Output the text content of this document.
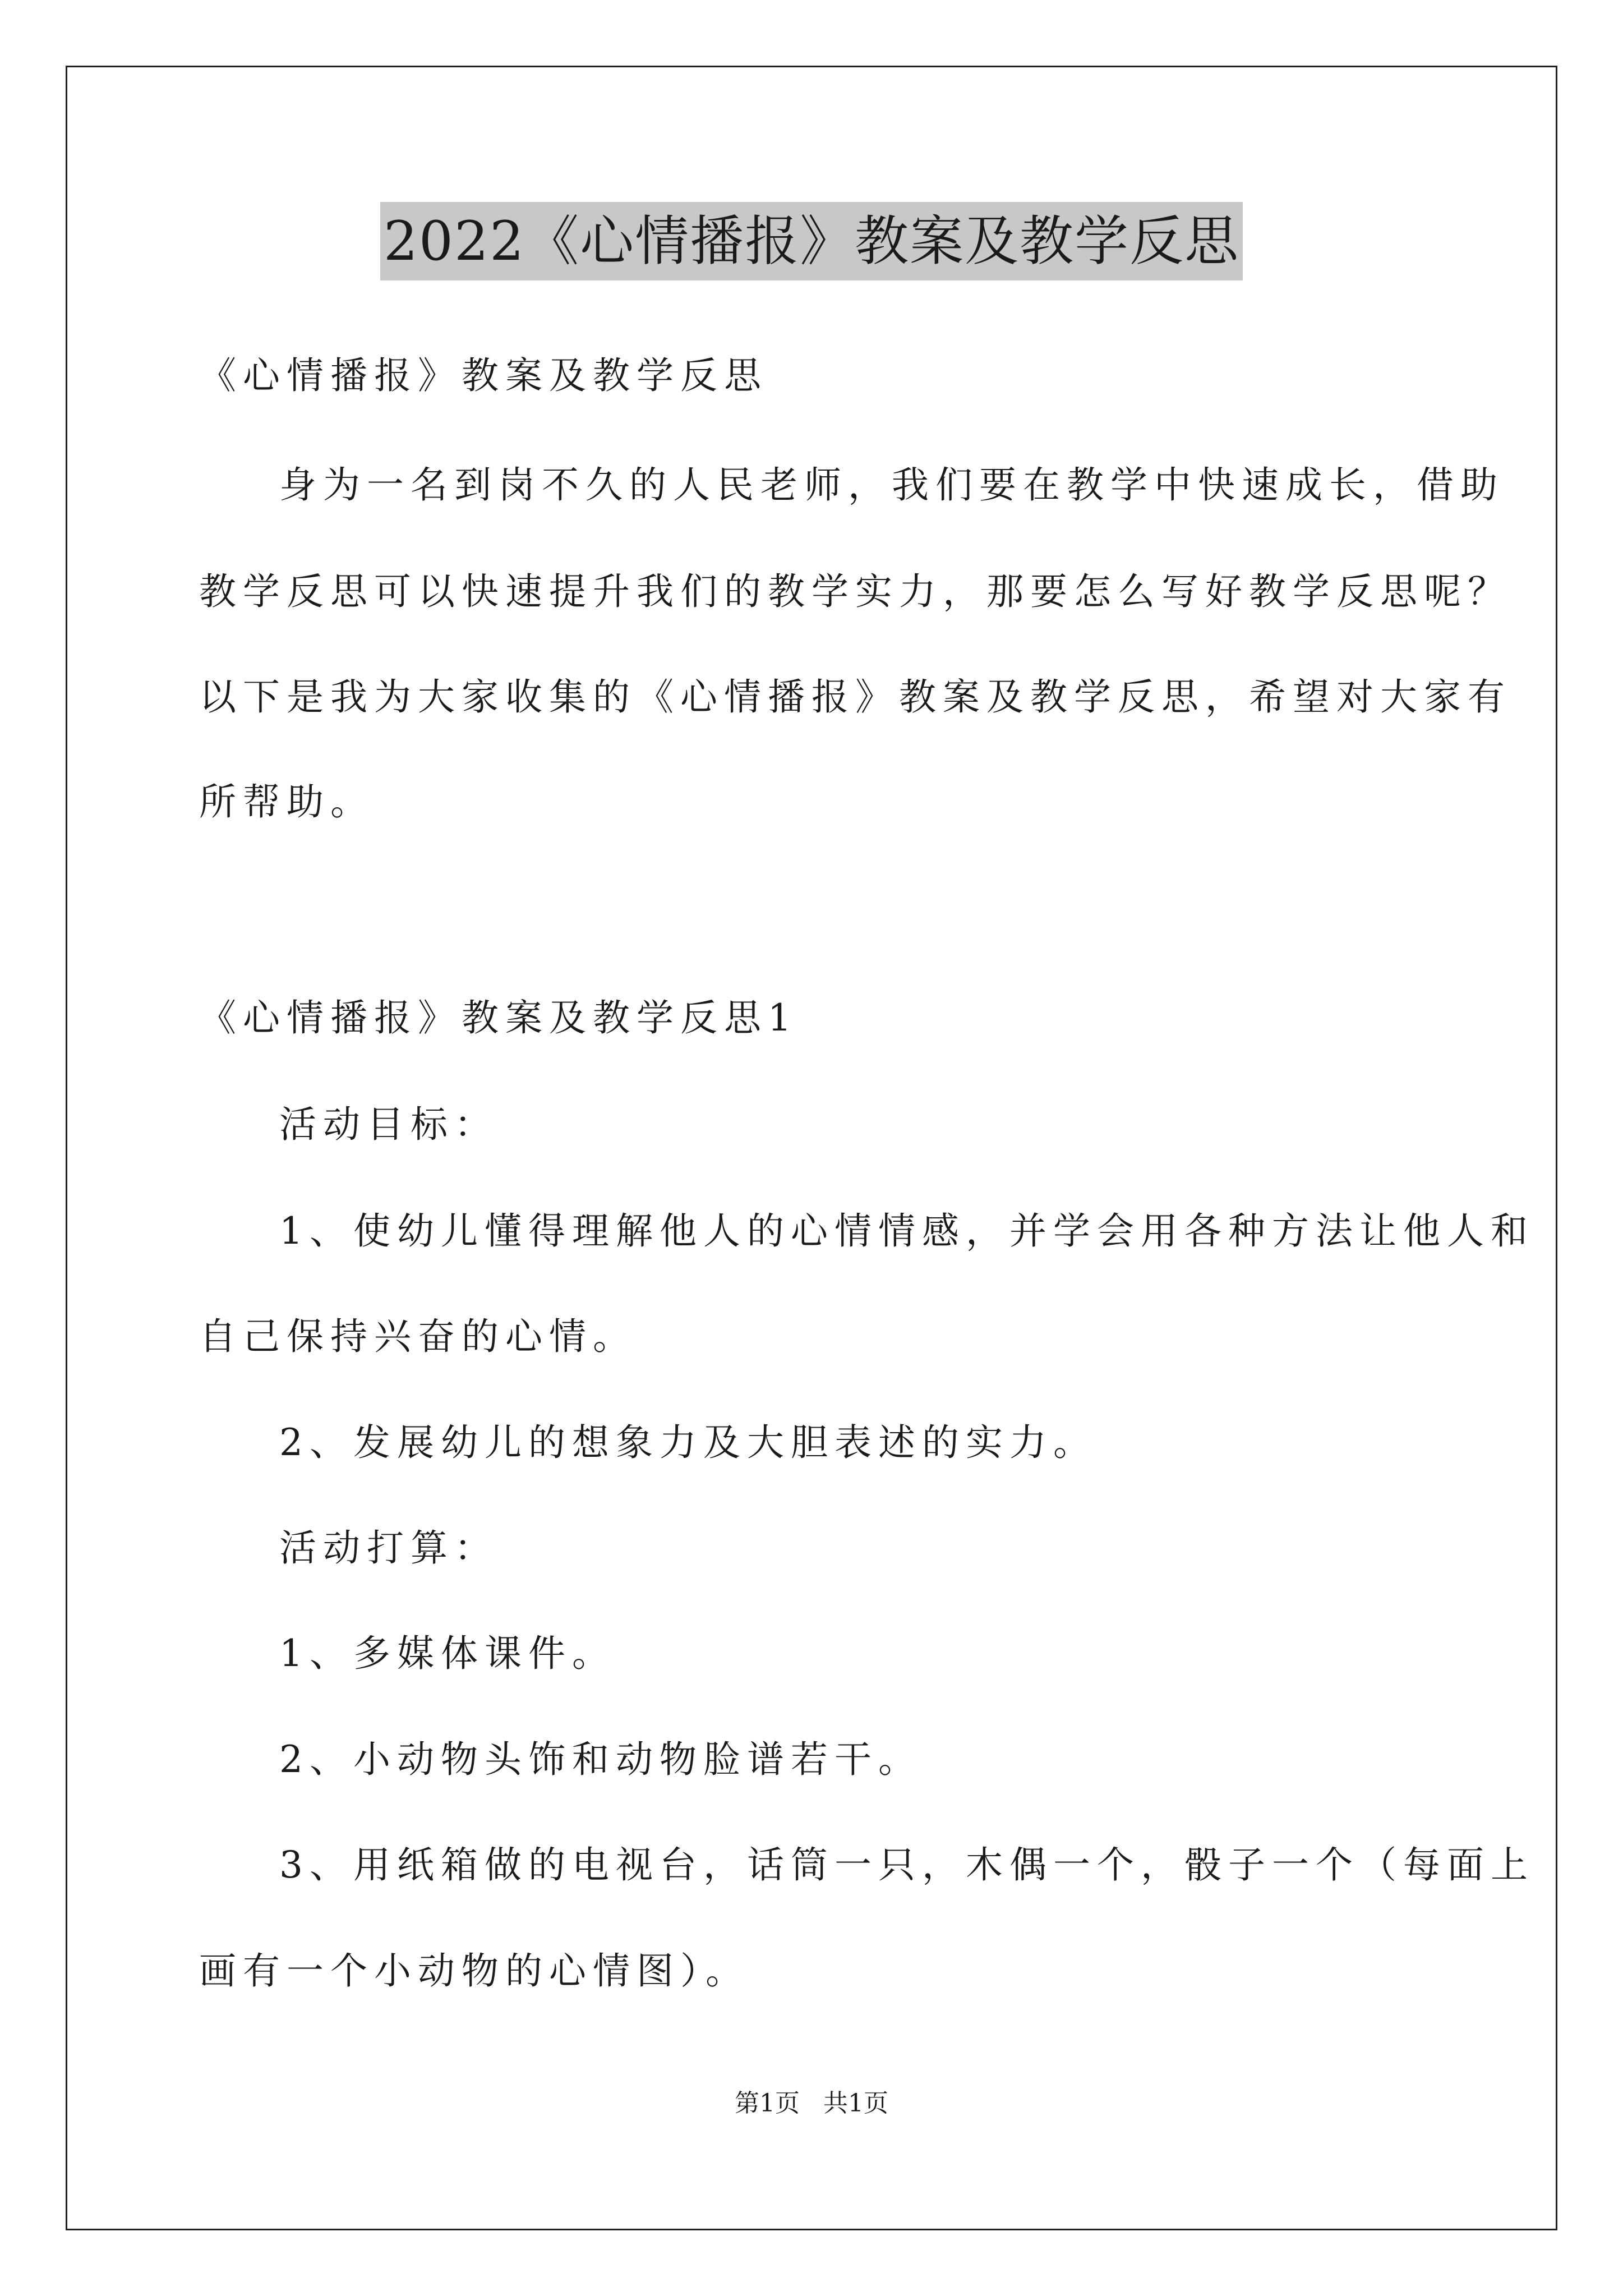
2022《心情播报》教案及教学反思
《心情播报》教案及教学反思
身为一名到岗不久的人民老师，我们要在教学中快速成长，借助
教学反思可以快速提升我们的教学实力，那要怎么写好教学反思呢？
以下是我为大家收集的《心情播报》教案及教学反思，希望对大家有
所帮助。
《心情播报》教案及教学反思1
活动目标：
1、使幼儿懂得理解他人的心情情感，并学会用各种方法让他人和
自己保持兴奋的心情。
2、发展幼儿的想象力及大胆表述的实力。
活动打算：
1、多媒体课件。
2、小动物头饰和动物脸谱若干。
3、用纸箱做的电视台，话筒一只，木偶一个，骰子一个（每面上
画有一个小动物的心情图）。
第1页   共1页
